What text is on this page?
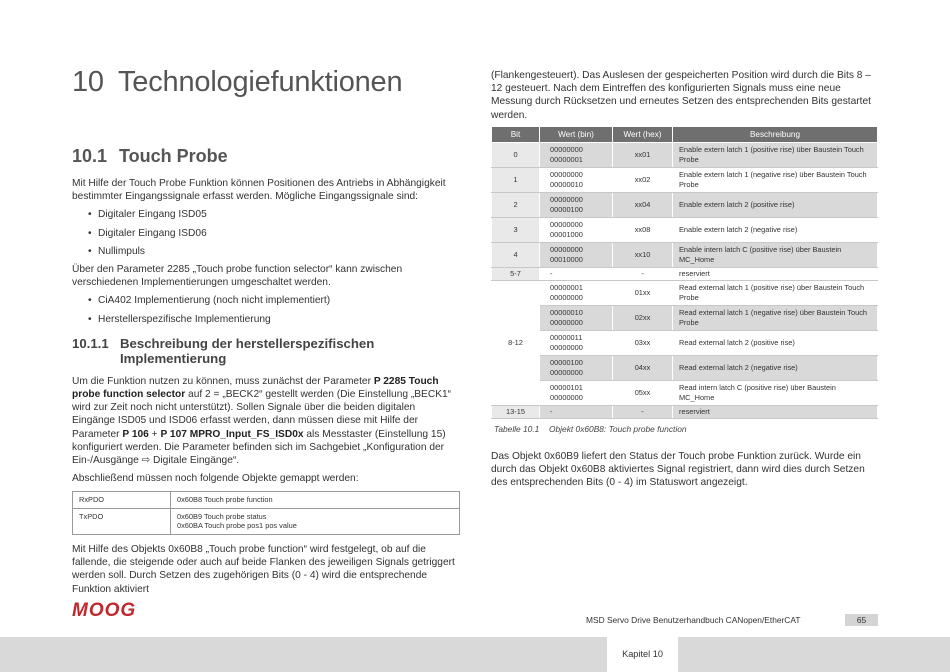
10 Technologiefunktionen
10.1 Touch Probe

Mit Hilfe der Touch Probe Funktion können Positionen des Antriebs in Abhängigkeit bestimmter Eingangssignale erfasst werden. Mögliche Eingangssignale sind:

• Digitaler Eingang ISD05
• Digitaler Eingang ISD06
• Nullimpuls

Über den Parameter 2285 „Touch probe function selector“ kann zwischen verschiedenen Implementierungen umgeschaltet werden.

• CiA402 Implementierung (noch nicht implementiert)
• Herstellerspezifische Implementierung
10.1.1 Beschreibung der herstellerspezifischen Implementierung

Um die Funktion nutzen zu können, muss zunächst der Parameter P 2285 Touch probe function selector auf 2 = „BECK2“ gestellt werden (Die Einstellung „BECK1“ wird zur Zeit noch nicht unterstützt). Sollen Signale über die beiden digitalen Eingänge ISD05 und ISD06 erfasst werden, dann müssen diese mit Hilfe der Parameter P 106 + P 107 MPRO_Input_FS_ISD0x als Messtaster (Einstellung 15) konfiguriert werden. Die Parameter befinden sich im Sachgebiet „Konfiguration der Ein-/Ausgänge ⇨ Digitale Eingänge“.

Abschließend müssen noch folgende Objekte gemappt werden:

RxPDO	0x60B8 Touch probe function

TxPDO	0x60B9 Touch probe status
0x60BA Touch probe pos1 pos value

Mit Hilfe des Objekts 0x60B8 „Touch probe function“ wird festgelegt, ob auf die fallende, die steigende oder auch auf beide Flanken des jeweiligen Signals getriggert werden soll. Durch Setzen des zugehörigen Bits (0 - 4) wird die entsprechende Funktion aktiviert

(Flankengesteuert). Das Auslesen der gespeicherten Position wird durch die Bits 8 – 12 gesteuert. Nach dem Eintreffen des konfigurierten Signals muss eine neue Messung durch Rücksetzen und erneutes Setzen des entsprechenden Bits gestartet werden.

Bit	Wert (bin)	Wert (hex)	Beschreibung
0	00000000
00000001	xx01	Enable extern latch 1 (positive rise) über Baustein Touch Probe
1	00000000
00000010	xx02	Enable extern latch 1 (negative rise) über Baustein Touch Probe
2	00000000
00000100	xx04	Enable extern latch 2 (positive rise)
3	00000000
00001000	xx08	Enable extern latch 2 (negative rise)
4	00000000
00010000	xx10	Enable intern latch C (positive rise) über Baustein MC_Home
5-7	-	-	reserviert
8-12	00000001
00000000	01xx	Read external latch 1 (positive rise) über Baustein Touch Probe

	00000010
00000000	02xx	Read external latch 1 (negative rise) über Baustein Touch Probe

	00000011
00000000	03xx	Read external latch 2 (positive rise)

	00000100
00000000	04xx	Read external latch 2 (negative rise)

	00000101
00000000	05xx	Read intern latch C (positive rise) über Baustein MC_Home
13-15	-	-	reserviert
Tabelle 10.1 Objekt 0x60B8: Touch probe function

Das Objekt 0x60B9 liefert den Status der Touch probe Funktion zurück. Wurde ein durch das Objekt 0x60B8 aktiviertes Signal registriert, dann wird dies durch Setzen des entsprechenden Bits (0 - 4) im Statuswort angezeigt.

MOOG	MSD Servo Drive Benutzerhandbuch CANopen/EtherCAT	65
Kapitel 10
